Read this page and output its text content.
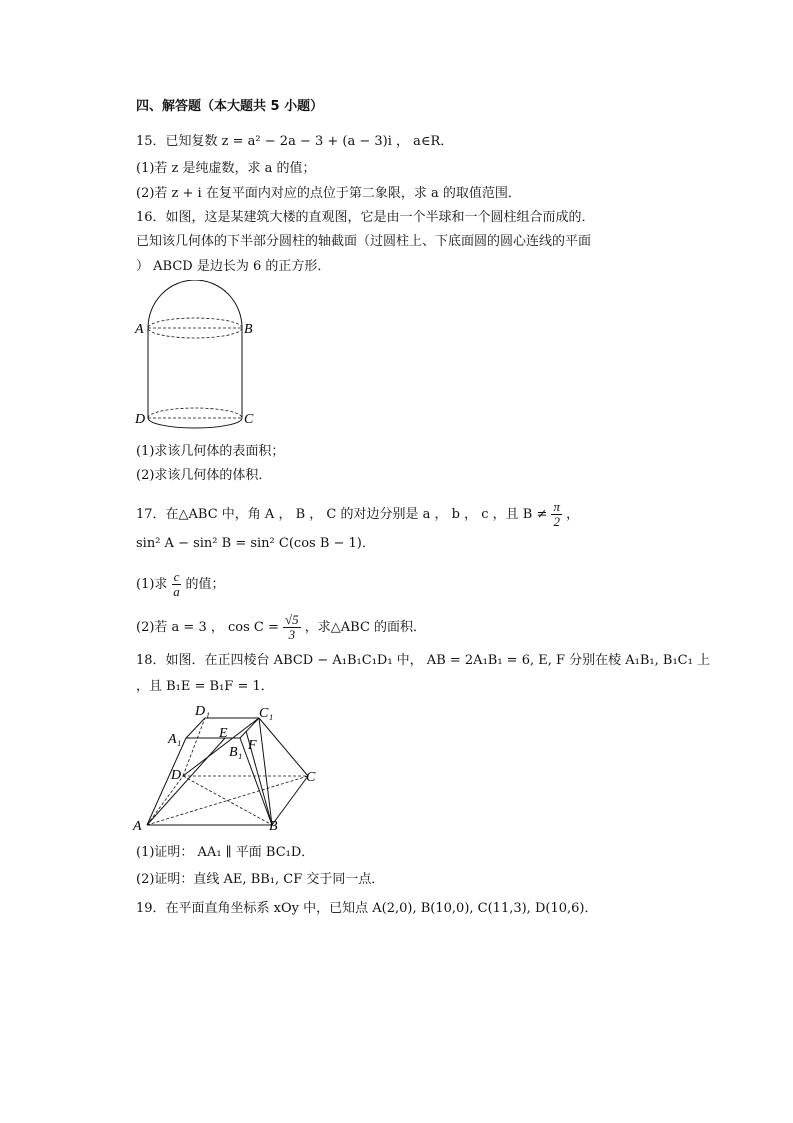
四、解答题（本大题共 5 小题）
15．已知复数 z = a² − 2a − 3 + (a − 3)i ， a∈R．
(1)若 z 是纯虚数，求 a 的值；
(2)若 z + i 在复平面内对应的点位于第二象限，求 a 的取值范围．
16．如图，这是某建筑大楼的直观图，它是由一个半球和一个圆柱组合而成的．
已知该几何体的下半部分圆柱的轴截面（过圆柱上、下底面圆的圆心连线的平面
） ABCD 是边长为 6 的正方形．
A	B
C
D
(1)求该几何体的表面积；
(2)求该几何体的体积．
17．在△ABC 中，角 A ， B ， C 的对边分别是 a ， b ， c ，且 $B \ne \frac{\pi}{2}$ ，
sin² A − sin² B = sin² C(cos B − 1)．
(1)求 $\frac{c}{a}$ 的值；
(2)若 a = 3 ， $\cos C = \frac{√5}{3}$ ，求△ABC 的面积．
18．如图．在正四棱台 ABCD − A₁B₁C₁D₁ 中， AB = 2A₁B₁ = 6, E, F 分别在棱 A₁B₁, B₁C₁ 上
，且 B₁E = B₁F = 1．
A	B
C
D
A₁
B₁
C₁
D₁
E
F
(1)证明： AA₁ ∥ 平面 BC₁D．
(2)证明：直线 AE, BB₁, CF 交于同一点．
19．在平面直角坐标系 xOy 中，已知点 A(2,0), B(10,0), C(11,3), D(10,6)．
